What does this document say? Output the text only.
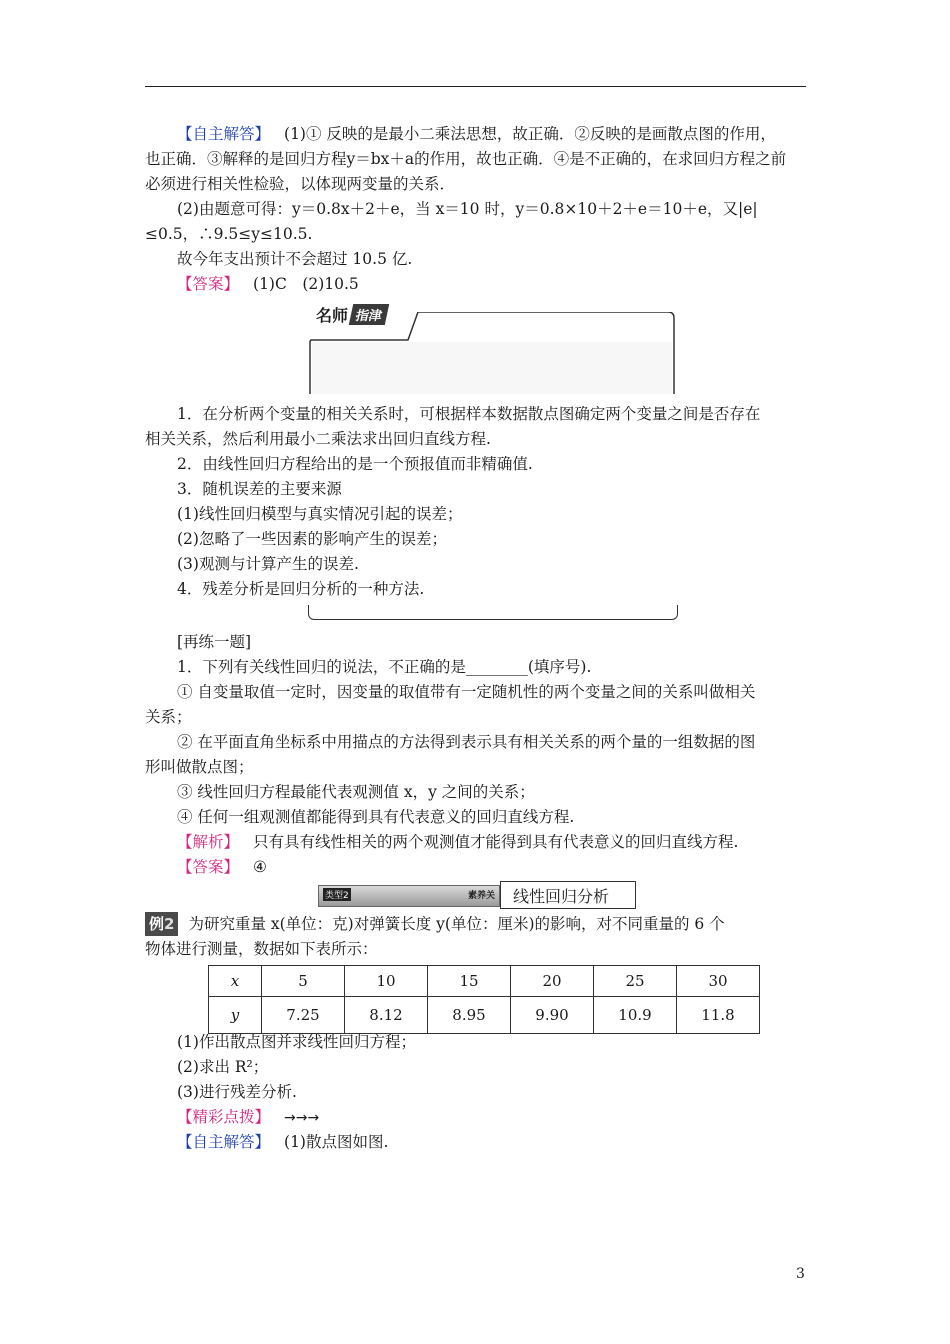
【自主解答】 (1)① 反映的是最小二乘法思想，故正确．②反映的是画散点图的作用，
也正确．③解释的是回归方程y＝bx＋a的作用，故也正确．④是不正确的，在求回归方程之前
必须进行相关性检验，以体现两变量的关系．
(2)由题意可得：y＝0.8x＋2＋e，当 x＝10 时，y＝0.8×10＋2＋e＝10＋e，又|e|
≤0.5，∴9.5≤y≤10.5.
故今年支出预计不会超过 10.5 亿.
【答案】 (1)C　(2)10.5
名师 指津
1．在分析两个变量的相关关系时，可根据样本数据散点图确定两个变量之间是否存在
相关关系，然后利用最小二乘法求出回归直线方程.
2．由线性回归方程给出的是一个预报值而非精确值.
3．随机误差的主要来源
(1)线性回归模型与真实情况引起的误差；
(2)忽略了一些因素的影响产生的误差；
(3)观测与计算产生的误差.
4．残差分析是回归分析的一种方法.
[再练一题]
1．下列有关线性回归的说法，不正确的是________(填序号).
① 自变量取值一定时，因变量的取值带有一定随机性的两个变量之间的关系叫做相关
关系；
② 在平面直角坐标系中用描点的方法得到表示具有相关关系的两个量的一组数据的图
形叫做散点图；
③ 线性回归方程最能代表观测值 x，y 之间的关系；
④ 任何一组观测值都能得到具有代表意义的回归直线方程.
【解析】 只有具有线性相关的两个观测值才能得到具有代表意义的回归直线方程.
【答案】 ④
类型2	素养关	线性回归分析
例2 为研究重量 x(单位：克)对弹簧长度 y(单位：厘米)的影响，对不同重量的 6 个
物体进行测量，数据如下表所示：
x	5	10	15	20	25	30
y	7.25	8.12	8.95	9.90	10.9	11.8
(1)作出散点图并求线性回归方程；
(2)求出 R²；
(3)进行残差分析.
【精彩点拨】 →→→
【自主解答】 (1)散点图如图.
3
